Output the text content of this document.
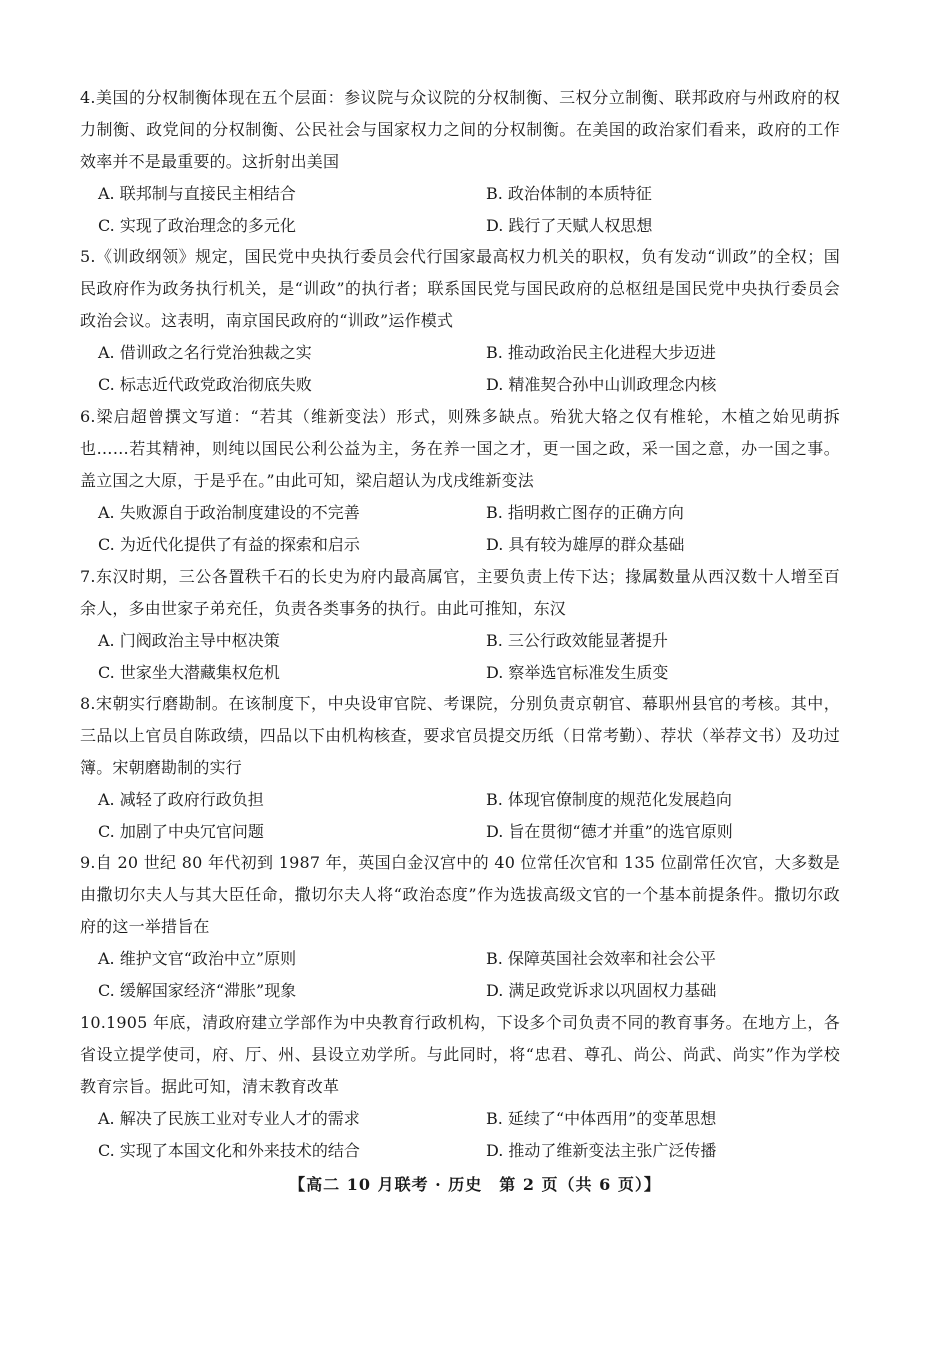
4.美国的分权制衡体现在五个层面：参议院与众议院的分权制衡、三权分立制衡、联邦政府与州政府的权力制衡、政党间的分权制衡、公民社会与国家权力之间的分权制衡。在美国的政治家们看来，政府的工作效率并不是最重要的。这折射出美国

A. 联邦制与直接民主相结合	B. 政治体制的本质特征
C. 实现了政治理念的多元化	D. 践行了天赋人权思想

5.《训政纲领》规定，国民党中央执行委员会代行国家最高权力机关的职权，负有发动“训政”的全权；国民政府作为政务执行机关，是“训政”的执行者；联系国民党与国民政府的总枢纽是国民党中央执行委员会政治会议。这表明，南京国民政府的“训政”运作模式

A. 借训政之名行党治独裁之实	B. 推动政治民主化进程大步迈进
C. 标志近代政党政治彻底失败	D. 精准契合孙中山训政理念内核

6.梁启超曾撰文写道：“若其（维新变法）形式，则殊多缺点。殆犹大辂之仅有椎轮，木植之始见萌拆也……若其精神，则纯以国民公利公益为主，务在养一国之才，更一国之政，采一国之意，办一国之事。盖立国之大原，于是乎在。”由此可知，梁启超认为戊戌维新变法

A. 失败源自于政治制度建设的不完善	B. 指明救亡图存的正确方向
C. 为近代化提供了有益的探索和启示	D. 具有较为雄厚的群众基础

7.东汉时期，三公各置秩千石的长史为府内最高属官，主要负责上传下达；掾属数量从西汉数十人增至百余人，多由世家子弟充任，负责各类事务的执行。由此可推知，东汉

A. 门阀政治主导中枢决策	B. 三公行政效能显著提升
C. 世家坐大潜藏集权危机	D. 察举选官标准发生质变

8.宋朝实行磨勘制。在该制度下，中央设审官院、考课院，分别负责京朝官、幕职州县官的考核。其中，三品以上官员自陈政绩，四品以下由机构核查，要求官员提交历纸（日常考勤）、荐状（举荐文书）及功过簿。宋朝磨勘制的实行

A. 减轻了政府行政负担	B. 体现官僚制度的规范化发展趋向
C. 加剧了中央冗官问题	D. 旨在贯彻“德才并重”的选官原则

9.自 20 世纪 80 年代初到 1987 年，英国白金汉宫中的 40 位常任次官和 135 位副常任次官，大多数是由撒切尔夫人与其大臣任命，撒切尔夫人将“政治态度”作为选拔高级文官的一个基本前提条件。撒切尔政府的这一举措旨在

A. 维护文官“政治中立”原则	B. 保障英国社会效率和社会公平
C. 缓解国家经济“滞胀”现象	D. 满足政党诉求以巩固权力基础

10.1905 年底，清政府建立学部作为中央教育行政机构，下设多个司负责不同的教育事务。在地方上，各省设立提学使司，府、厅、州、县设立劝学所。与此同时，将“忠君、尊孔、尚公、尚武、尚实”作为学校教育宗旨。据此可知，清末教育改革

A. 解决了民族工业对专业人才的需求	B. 延续了“中体西用”的变革思想
C. 实现了本国文化和外来技术的结合	D. 推动了维新变法主张广泛传播
【高二 10 月联考 · 历史　第 2 页（共 6 页）】
